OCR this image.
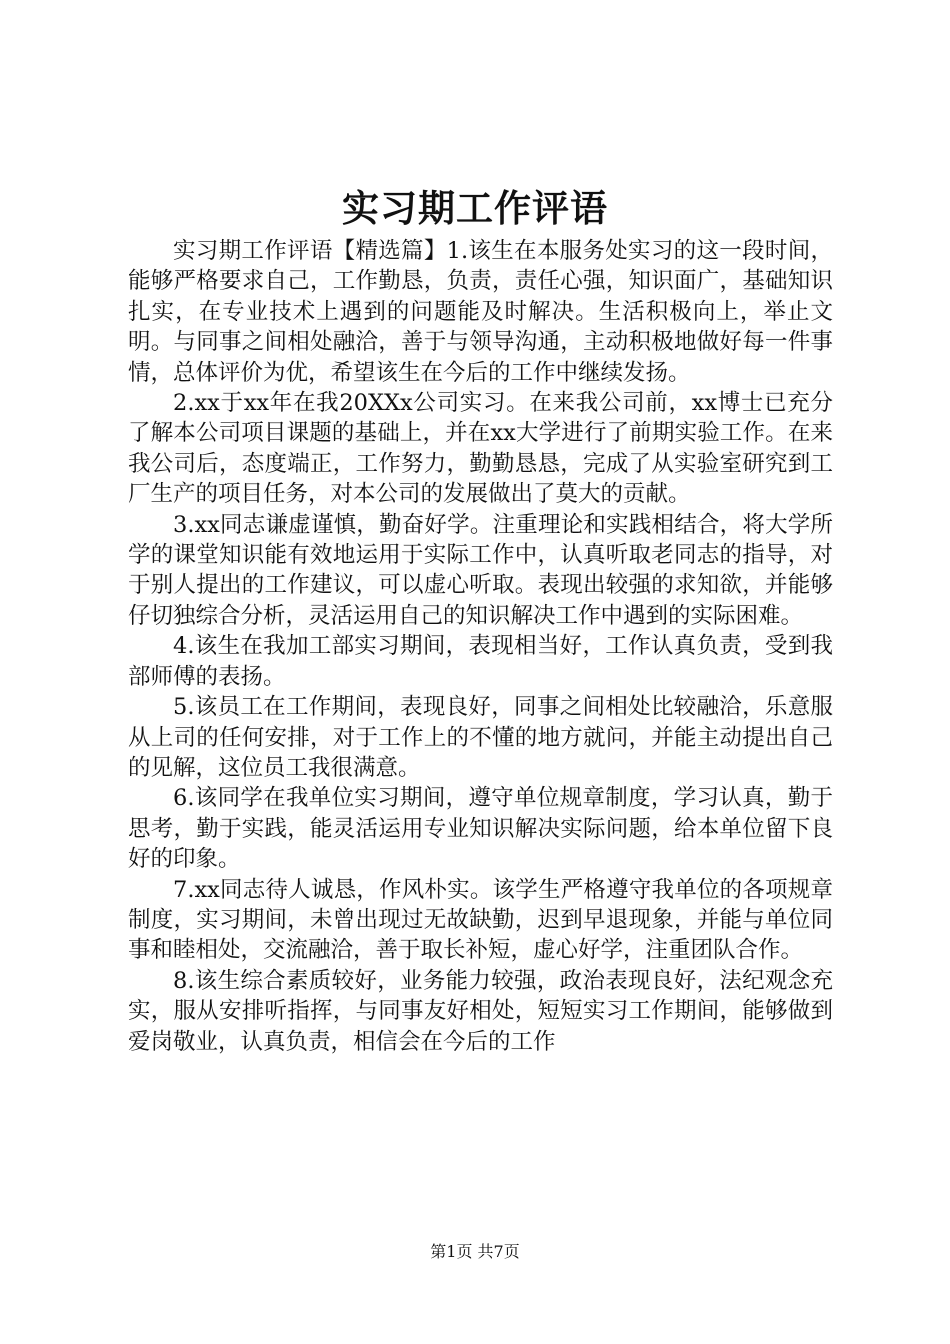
实习期工作评语

实习期工作评语【精选篇】1.该生在本服务处实习的这一段时间，能够严格要求自己，工作勤恳，负责，责任心强，知识面广，基础知识扎实，在专业技术上遇到的问题能及时解决。生活积极向上，举止文明。与同事之间相处融洽，善于与领导沟通，主动积极地做好每一件事情，总体评价为优，希望该生在今后的工作中继续发扬。

2.xx于xx年在我20XXx公司实习。在来我公司前，xx博士已充分了解本公司项目课题的基础上，并在xx大学进行了前期实验工作。在来我公司后，态度端正，工作努力，勤勤恳恳，完成了从实验室研究到工厂生产的项目任务，对本公司的发展做出了莫大的贡献。

3.xx同志谦虚谨慎，勤奋好学。注重理论和实践相结合，将大学所学的课堂知识能有效地运用于实际工作中，认真听取老同志的指导，对于别人提出的工作建议，可以虚心听取。表现出较强的求知欲，并能够仔切独综合分析，灵活运用自己的知识解决工作中遇到的实际困难。

4.该生在我加工部实习期间，表现相当好，工作认真负责，受到我部师傅的表扬。

5.该员工在工作期间，表现良好，同事之间相处比较融洽，乐意服从上司的任何安排，对于工作上的不懂的地方就问，并能主动提出自己的见解，这位员工我很满意。

6.该同学在我单位实习期间，遵守单位规章制度，学习认真，勤于思考，勤于实践，能灵活运用专业知识解决实际问题，给本单位留下良好的印象。

7.xx同志待人诚恳，作风朴实。该学生严格遵守我单位的各项规章制度，实习期间，未曾出现过无故缺勤，迟到早退现象，并能与单位同事和睦相处，交流融洽，善于取长补短，虚心好学，注重团队合作。

8.该生综合素质较好，业务能力较强，政治表现良好，法纪观念充实，服从安排听指挥，与同事友好相处，短短实习工作期间，能够做到爱岗敬业，认真负责，相信会在今后的工作

第1页 共7页
